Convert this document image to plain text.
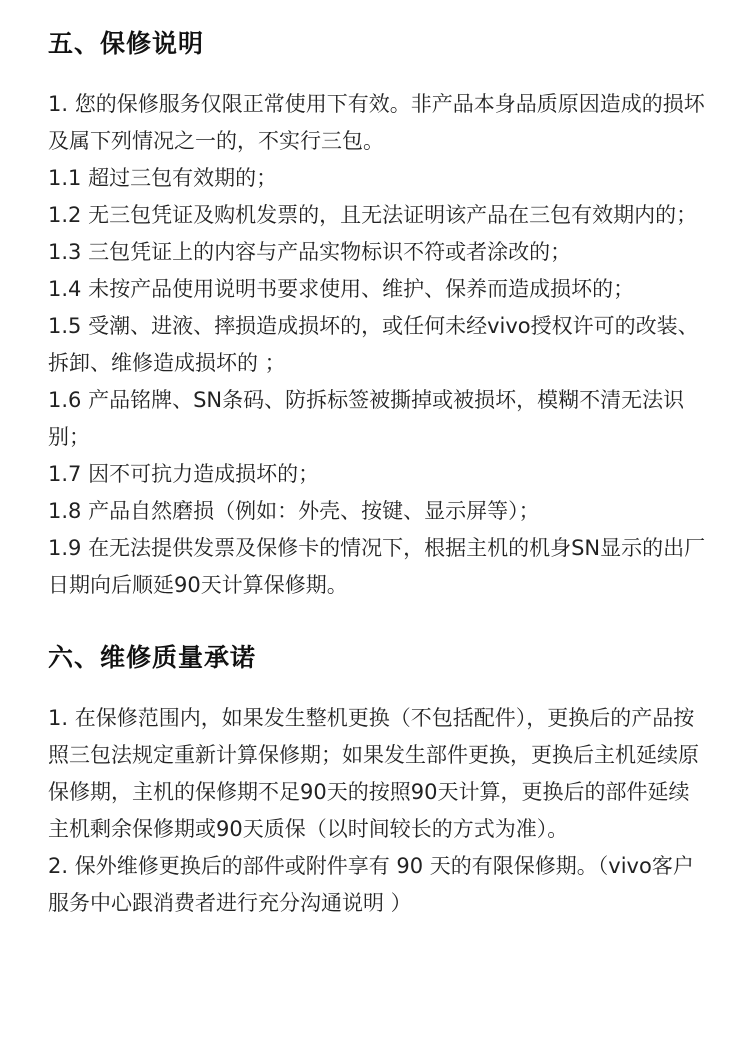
五、保修说明

1. 您的保修服务仅限正常使用下有效。非产品本身品质原因造成的损坏及属下列情况之一的，不实行三包。

1.1 超过三包有效期的；

1.2 无三包凭证及购机发票的，且无法证明该产品在三包有效期内的；

1.3 三包凭证上的内容与产品实物标识不符或者涂改的；

1.4 未按产品使用说明书要求使用、维护、保养而造成损坏的；

1.5 受潮、进液、摔损造成损坏的，或任何未经vivo授权许可的改装、拆卸、维修造成损坏的 ；

1.6 产品铭牌、SN条码、防拆标签被撕掉或被损坏，模糊不清无法识别；

1.7 因不可抗力造成损坏的；

1.8 产品自然磨损（例如：外壳、按键、显示屏等）；

1.9 在无法提供发票及保修卡的情况下，根据主机的机身SN显示的出厂日期向后顺延90天计算保修期。

六、维修质量承诺

1. 在保修范围内，如果发生整机更换（不包括配件），更换后的产品按照三包法规定重新计算保修期；如果发生部件更换，更换后主机延续原保修期，主机的保修期不足90天的按照90天计算，更换后的部件延续主机剩余保修期或90天质保（以时间较长的方式为准）。

2. 保外维修更换后的部件或附件享有 90 天的有限保修期。（vivo客户服务中心跟消费者进行充分沟通说明 ）
